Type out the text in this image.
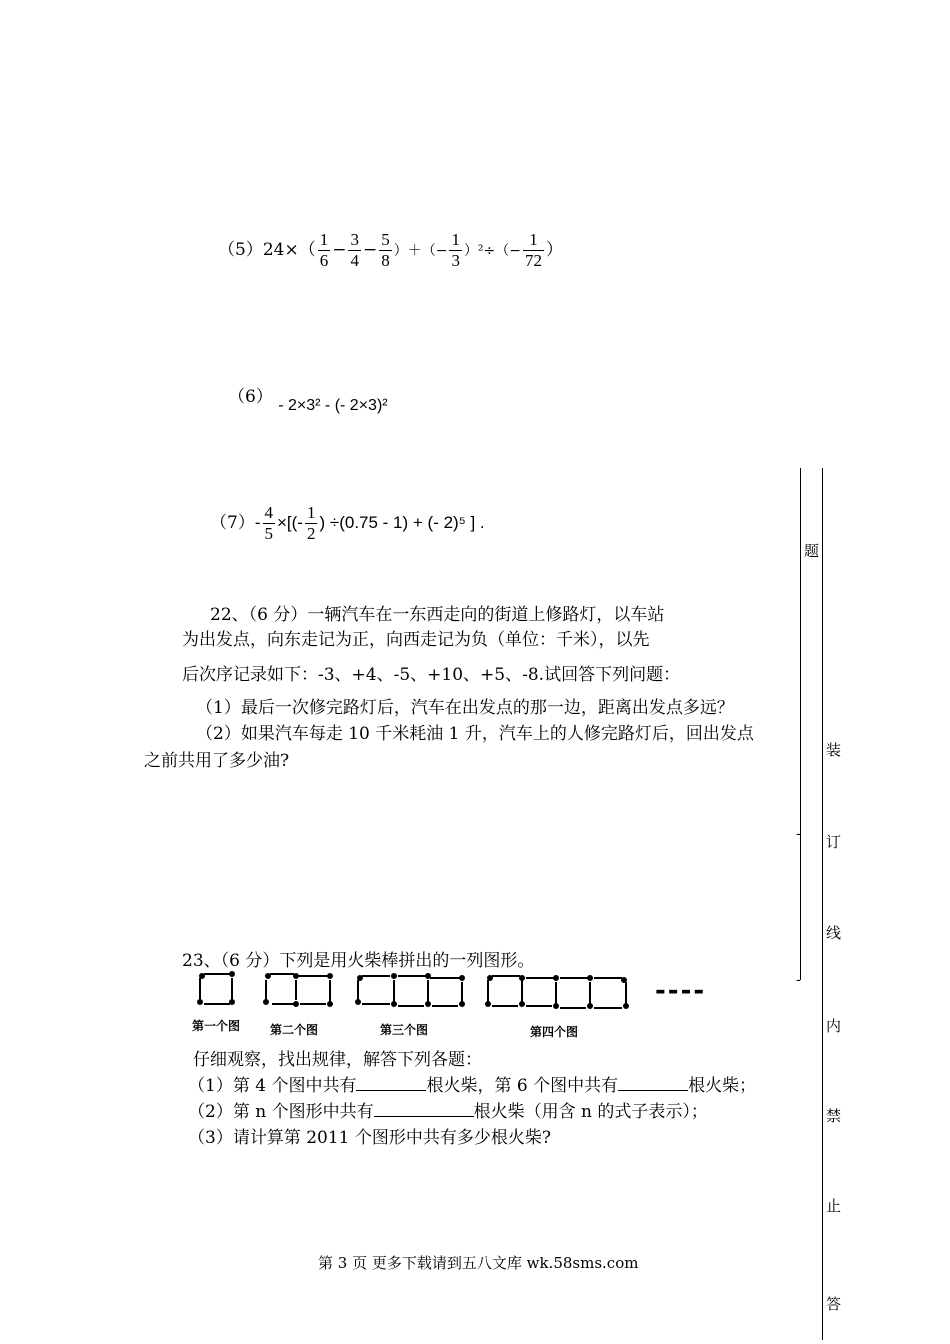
$(5)24\times( \frac{1}{6} - \frac{3}{4} - \frac{5}{8}$ ）＋（− $\frac{1}{3} )^2\div(- \frac{1}{72}$ ）
（6） - 2×3² - (- 2×3)²
$(7)- \frac{4}{5}$ ×[(- $\frac{1}{2}$ ) ÷(0.75 - 1) + (- 2)⁵ ] .
22、（6 分）一辆汽车在一东西走向的街道上修路灯，以车站
为出发点，向东走记为正，向西走记为负（单位：千米），以先
后次序记录如下：-3、+4、-5、+10、+5、-8.试回答下列问题：
（1）最后一次修完路灯后，汽车在出发点的那一边，距离出发点多远？
（2）如果汽车每走 10 千米耗油 1 升，汽车上的人修完路灯后，回出发点
之前共用了多少油?
23、（6 分）下列是用火柴棒拼出的一列图形。
----
第一个图 第二个图	第三个图	第四个图
仔细观察，找出规律，解答下列各题：
（1）第 4 个图中共有	根火柴，第 6 个图中共有	根火柴；
（2）第 n 个图形中共有	根火柴（用含 n 的式子表示）；
（3）请计算第 2011 个图形中共有多少根火柴?
第 3 页 更多下载请到五八文库 wk.58sms.com
-
-
题
装
订
线
内
禁
止
答
